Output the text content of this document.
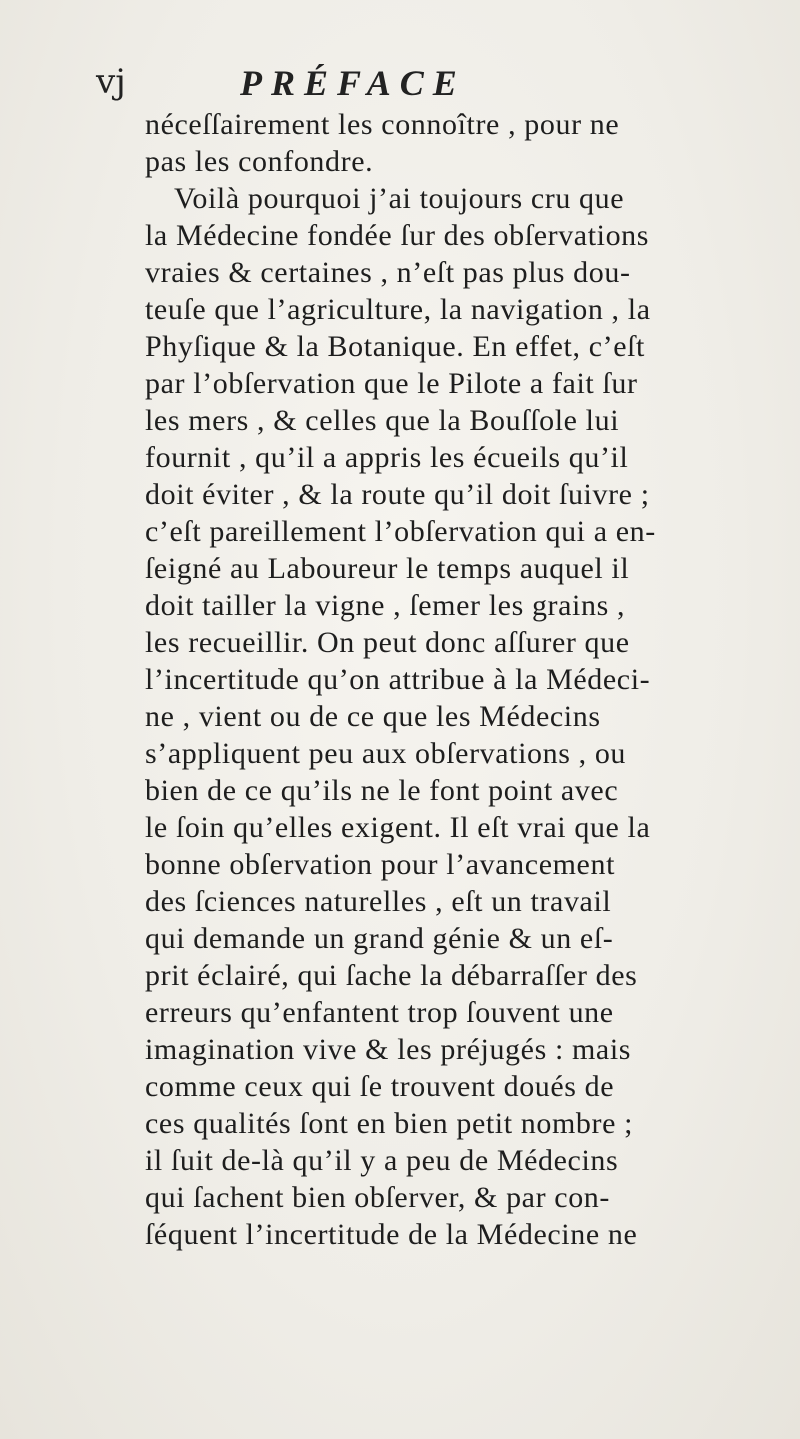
vj	PRÉFACE
néceſſairement les connoître , pour ne
pas les confondre.
Voilà pourquoi j’ai toujours cru que
la Médecine fondée ſur des obſervations
vraies & certaines , n’eſt pas plus dou-
teuſe que l’agriculture, la navigation , la
Phyſique & la Botanique. En effet, c’eſt
par l’obſervation que le Pilote a fait ſur
les mers , & celles que la Bouſſole lui
fournit , qu’il a appris les écueils qu’il
doit éviter , & la route qu’il doit ſuivre ;
c’eſt pareillement l’obſervation qui a en-
ſeigné au Laboureur le temps auquel il
doit tailler la vigne , ſemer les grains ,
les recueillir. On peut donc aſſurer que
l’incertitude qu’on attribue à la Médeci-
ne , vient ou de ce que les Médecins
s’appliquent peu aux obſervations , ou
bien de ce qu’ils ne le font point avec
le ſoin qu’elles exigent. Il eſt vrai que la
bonne obſervation pour l’avancement
des ſciences naturelles , eſt un travail
qui demande un grand génie & un eſ-
prit éclairé, qui ſache la débarraſſer des
erreurs qu’enfantent trop ſouvent une
imagination vive & les préjugés : mais
comme ceux qui ſe trouvent doués de
ces qualités ſont en bien petit nombre ;
il ſuit de-là qu’il y a peu de Médecins
qui ſachent bien obſerver, & par con-
ſéquent l’incertitude de la Médecine ne
